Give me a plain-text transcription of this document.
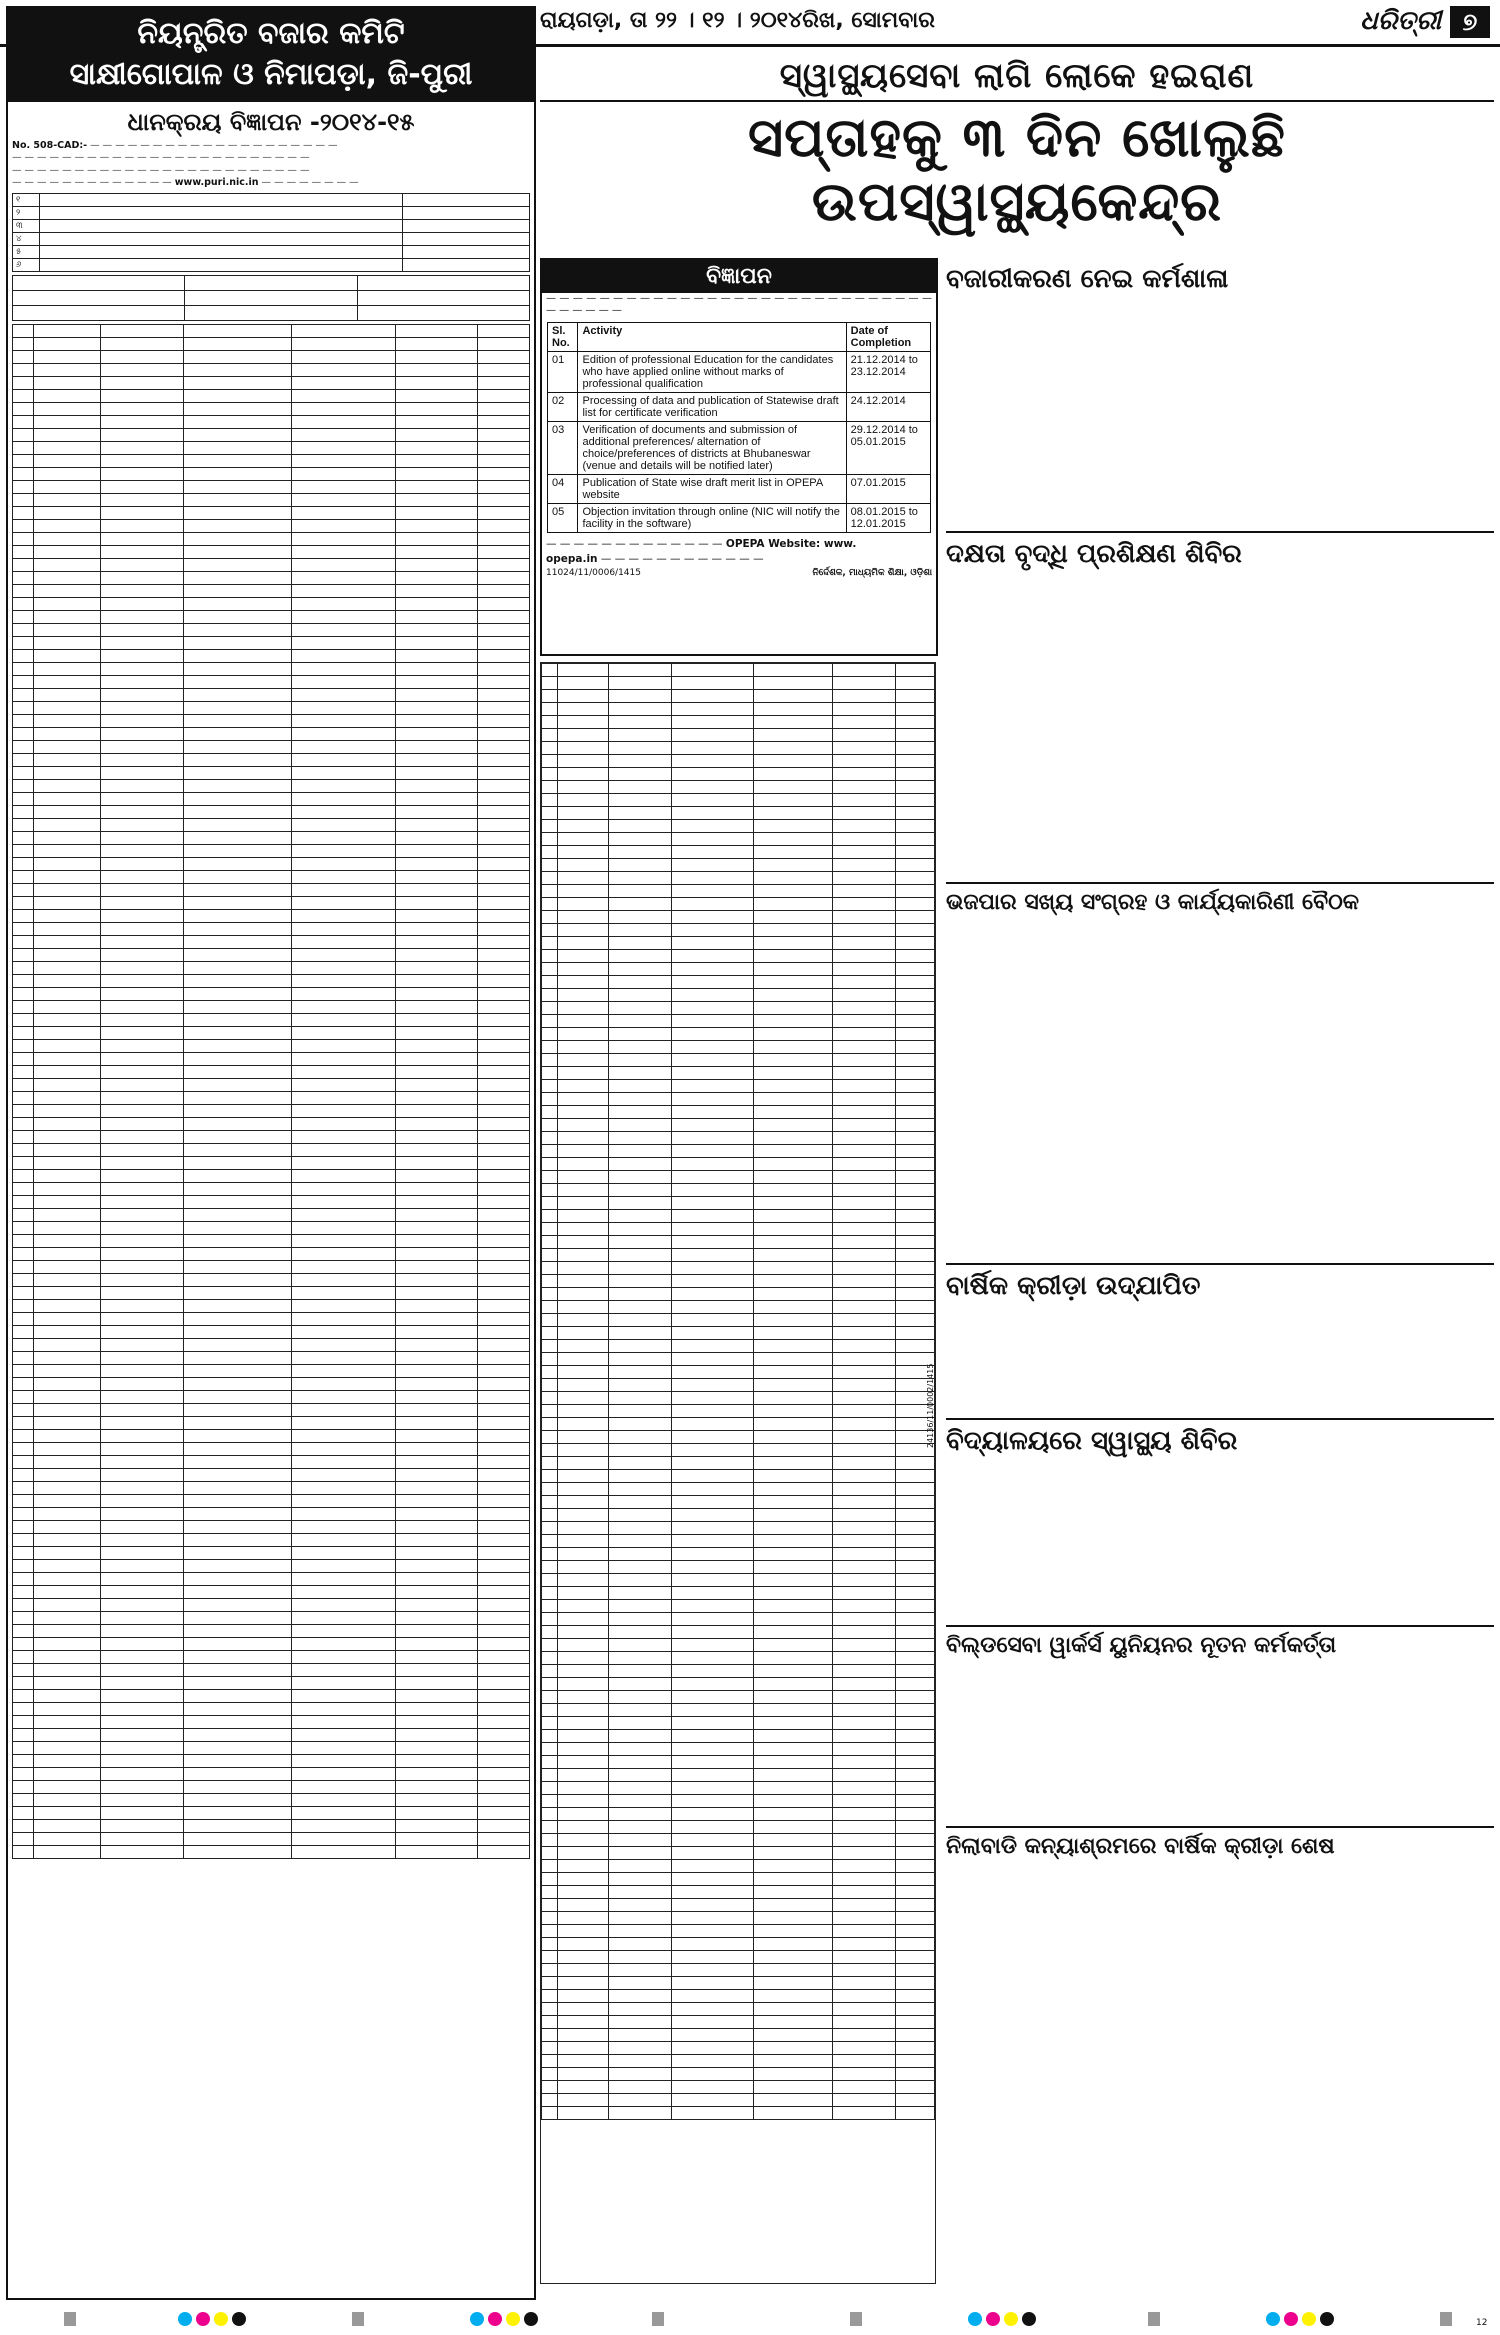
ରାୟଗଡ଼ା, ତା ୨୨ । ୧୨ । ୨୦୧୪ରିଖ, ସୋମବାର	ଧରିତ୍ରୀ ୭
ନିୟନ୍ତ୍ରିତ ବଜାର କମିଟି
ସାକ୍ଷୀଗୋପାଳ ଓ ନିମାପଡ଼ା, ଜି-ପୁରୀ
ଧାନକ୍ରୟ ବିଜ୍ଞାପନ -୨୦୧୪-୧୫
No. 508-CAD:- — — — — — — — — — — — — — — — — — — — —
— — — — — — — — — — — — — — — — — — — — — — — —
— — — — — — — — — — — — — — — — — — — — — — — —
— — — — — — — — — — — — — www.puri.nic.in — — — — — — — —
୧		
୨		
୩		
୪		
୫		
୬		

ସ୍ୱାସ୍ଥ୍ୟସେବା ଲାଗି ଲୋକେ ହଇରାଣ
ସପ୍ତାହକୁ ୩ ଦିନ ଖୋଲୁଛି ଉପସ୍ୱାସ୍ଥ୍ୟକେନ୍ଦ୍ର
ବିଜ୍ଞାପନ
— — — — — — — — — — — — — — — — — — — — — — — — — — — — — — — — — — —
Sl. No.	Activity	Date of Completion
01	Edition of professional Education for the candidates who have applied online without marks of professional qualification	21.12.2014 to 23.12.2014
02	Processing of data and publication of Statewise draft list for certificate verification	24.12.2014
03	Verification of documents and submission of additional preferences/ alternation of choice/preferences of districts at Bhubaneswar (venue and details will be notified later)	29.12.2014 to 05.01.2015
04	Publication of State wise draft merit list in OPEPA website	07.01.2015
05	Objection invitation through online (NIC will notify the facility in the software)	08.01.2015 to 12.01.2015
— — — — — — — — — — — — — OPEPA Website: www.
opepa.in — — — — — — — — — — — —
11024/11/0006/1415	ନିର୍ଦ୍ଦେଶକ, ମାଧ୍ୟମିକ ଶିକ୍ଷା, ଓଡ଼ିଶା

ବଜାରୀକରଣ ନେଇ କର୍ମଶାଳା
ଦକ୍ଷତା ବୃଦ୍ଧି ପ୍ରଶିକ୍ଷଣ ଶିବିର
ଭଜପାର ସଖ୍ୟ ସଂଗ୍ରହ ଓ କାର୍ଯ୍ୟକାରିଣୀ ବୈଠକ
ବାର୍ଷିକ କ୍ରୀଡ଼ା ଉଦ୍ଯାପିତ
ବିଦ୍ୟାଳୟରେ ସ୍ୱାସ୍ଥ୍ୟ ଶିବିର
ବିଲ୍ଡସେବା ୱାର୍କର୍ସ ୟୁନିୟନର ନୂତନ କର୍ମକର୍ତ୍ତା
ନିଲାବାଡି କନ୍ୟାଶ୍ରମରେ ବାର୍ଷିକ କ୍ରୀଡ଼ା ଶେଷ
24136/11/0002/1415
12
